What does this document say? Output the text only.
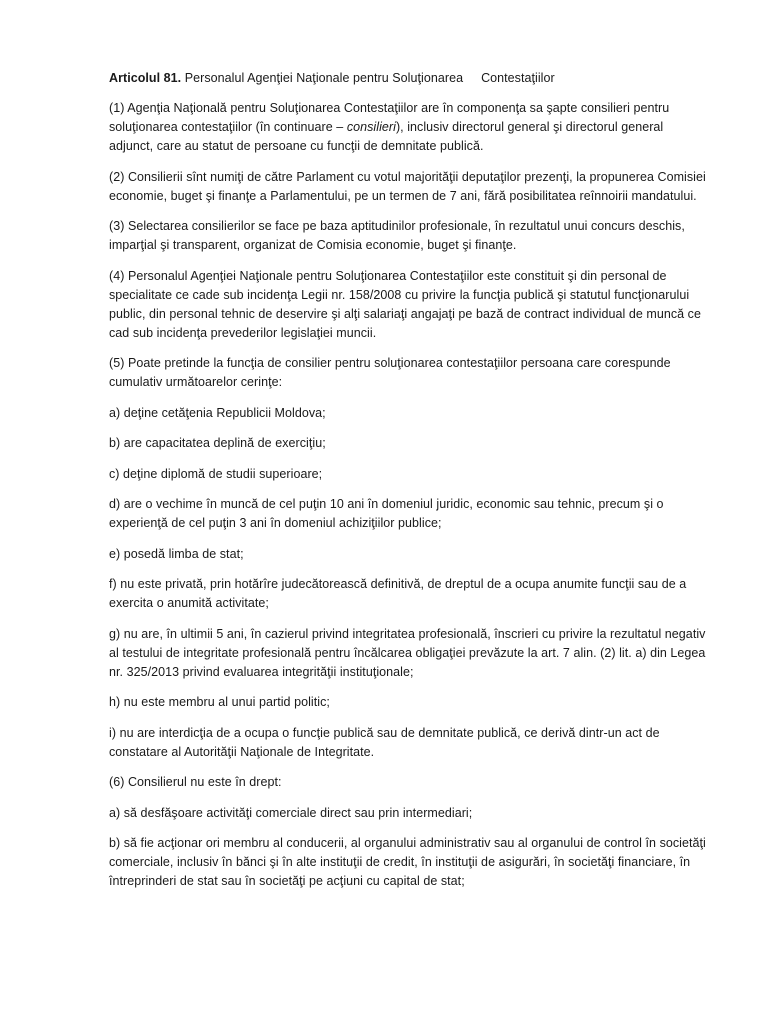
Articolul 81. Personalul Agenţiei Naţionale pentru Soluţionarea Contestaţiilor

(1) Agenţia Naţională pentru Soluţionarea Contestaţiilor are în componenţa sa şapte consilieri pentru soluţionarea contestaţiilor (în continuare – consilieri), inclusiv directorul general şi directorul general adjunct, care au statut de persoane cu funcţii de demnitate publică.

(2) Consilierii sînt numiţi de către Parlament cu votul majorităţii deputaţilor prezenţi, la propunerea Comisiei economie, buget şi finanţe a Parlamentului, pe un termen de 7 ani, fără posibilitatea reînnoirii mandatului.

(3) Selectarea consilierilor se face pe baza aptitudinilor profesionale, în rezultatul unui concurs deschis, imparţial şi transparent, organizat de Comisia economie, buget şi finanţe.

(4) Personalul Agenţiei Naţionale pentru Soluţionarea Contestaţiilor este constituit şi din personal de specialitate ce cade sub incidenţa Legii nr. 158/2008 cu privire la funcţia publică şi statutul funcţionarului public, din personal tehnic de deservire şi alţi salariaţi angajaţi pe bază de contract individual de muncă ce cad sub incidenţa prevederilor legislaţiei muncii.

(5) Poate pretinde la funcţia de consilier pentru soluţionarea contestaţiilor persoana care corespunde cumulativ următoarelor cerinţe:

a) deţine cetăţenia Republicii Moldova;

b) are capacitatea deplină de exerciţiu;

c) deţine diplomă de studii superioare;

d) are o vechime în muncă de cel puţin 10 ani în domeniul juridic, economic sau tehnic, precum şi o experienţă de cel puţin 3 ani în domeniul achiziţiilor publice;

e) posedă limba de stat;

f) nu este privată, prin hotărîre judecătorească definitivă, de dreptul de a ocupa anumite funcţii sau de a exercita o anumită activitate;

g) nu are, în ultimii 5 ani, în cazierul privind integritatea profesională, înscrieri cu privire la rezultatul negativ al testului de integritate profesională pentru încălcarea obligaţiei prevăzute la art. 7 alin. (2) lit. a) din Legea nr. 325/2013 privind evaluarea integrităţii instituţionale;

h) nu este membru al unui partid politic;

i) nu are interdicţia de a ocupa o funcţie publică sau de demnitate publică, ce derivă dintr-un act de constatare al Autorităţii Naţionale de Integritate.

(6) Consilierul nu este în drept:

a) să desfăşoare activităţi comerciale direct sau prin intermediari;

b) să fie acţionar ori membru al conducerii, al organului administrativ sau al organului de control în societăţi comerciale, inclusiv în bănci şi în alte instituţii de credit, în instituţii de asigurări, în societăţi financiare, în întreprinderi de stat sau în societăţi pe acţiuni cu capital de stat;
